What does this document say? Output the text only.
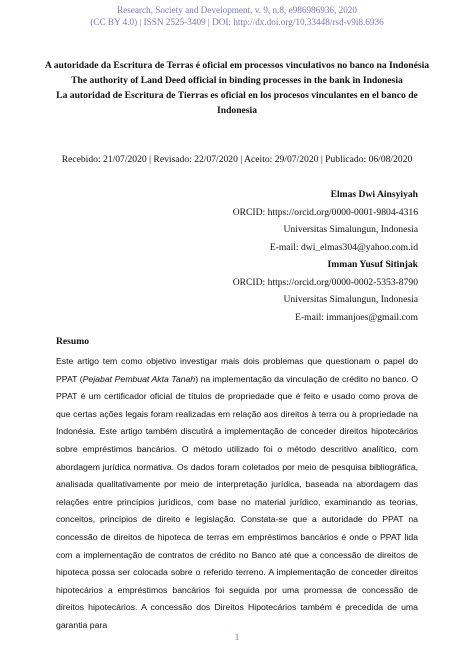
Research, Society and Development, v. 9, n.8, e986986936, 2020
(CC BY 4.0) | ISSN 2525-3409 | DOI: http://dx.doi.org/10.33448/rsd-v9i8.6936
A autoridade da Escritura de Terras é oficial em processos vinculativos no banco na Indonésia
The authority of Land Deed official in binding processes in the bank in Indonesia
La autoridad de Escritura de Tierras es oficial en los procesos vinculantes en el banco de Indonesia
Recebido: 21/07/2020 | Revisado: 22/07/2020 | Aceito: 29/07/2020 | Publicado: 06/08/2020
Elmas Dwi Ainsyiyah
ORCID: https://orcid.org/0000-0001-9804-4316
Universitas Simalungun, Indonesia
E-mail: dwi_elmas304@yahoo.com.id
Imman Yusuf Sitinjak
ORCID: https://orcid.org/0000-0002-5353-8790
Universitas Simalungun, Indonesia
E-mail: immanjoes@gmail.com
Resumo
Este artigo tem como objetivo investigar mais dois problemas que questionam o papel do PPAT (Pejabat Pembuat Akta Tanah) na implementação da vinculação de crédito no banco. O PPAT é um certificador oficial de títulos de propriedade que é feito e usado como prova de que certas ações legais foram realizadas em relação aos direitos à terra ou à propriedade na Indonésia. Este artigo também discutirá a implementação de conceder direitos hipotecários sobre empréstimos bancários. O método utilizado foi o método descritivo analítico, com abordagem jurídica normativa. Os dados foram coletados por meio de pesquisa bibliográfica, analisada qualitativamente por meio de interpretação jurídica, baseada na abordagem das relações entre princípios jurídicos, com base no material jurídico, examinando as teorias, conceitos, princípios de direito e legislação. Constata-se que a autoridade do PPAT na concessão de direitos de hipoteca de terras em empréstimos bancários é onde o PPAT lida com a implementação de contratos de crédito no Banco até que a concessão de direitos de hipoteca possa ser colocada sobre o referido terreno. A implementação de conceder direitos hipotecários a empréstimos bancários foi seguida por uma promessa de concessão de direitos hipotecários. A concessão dos Direitos Hipotecários também é precedida de uma garantia para
1
